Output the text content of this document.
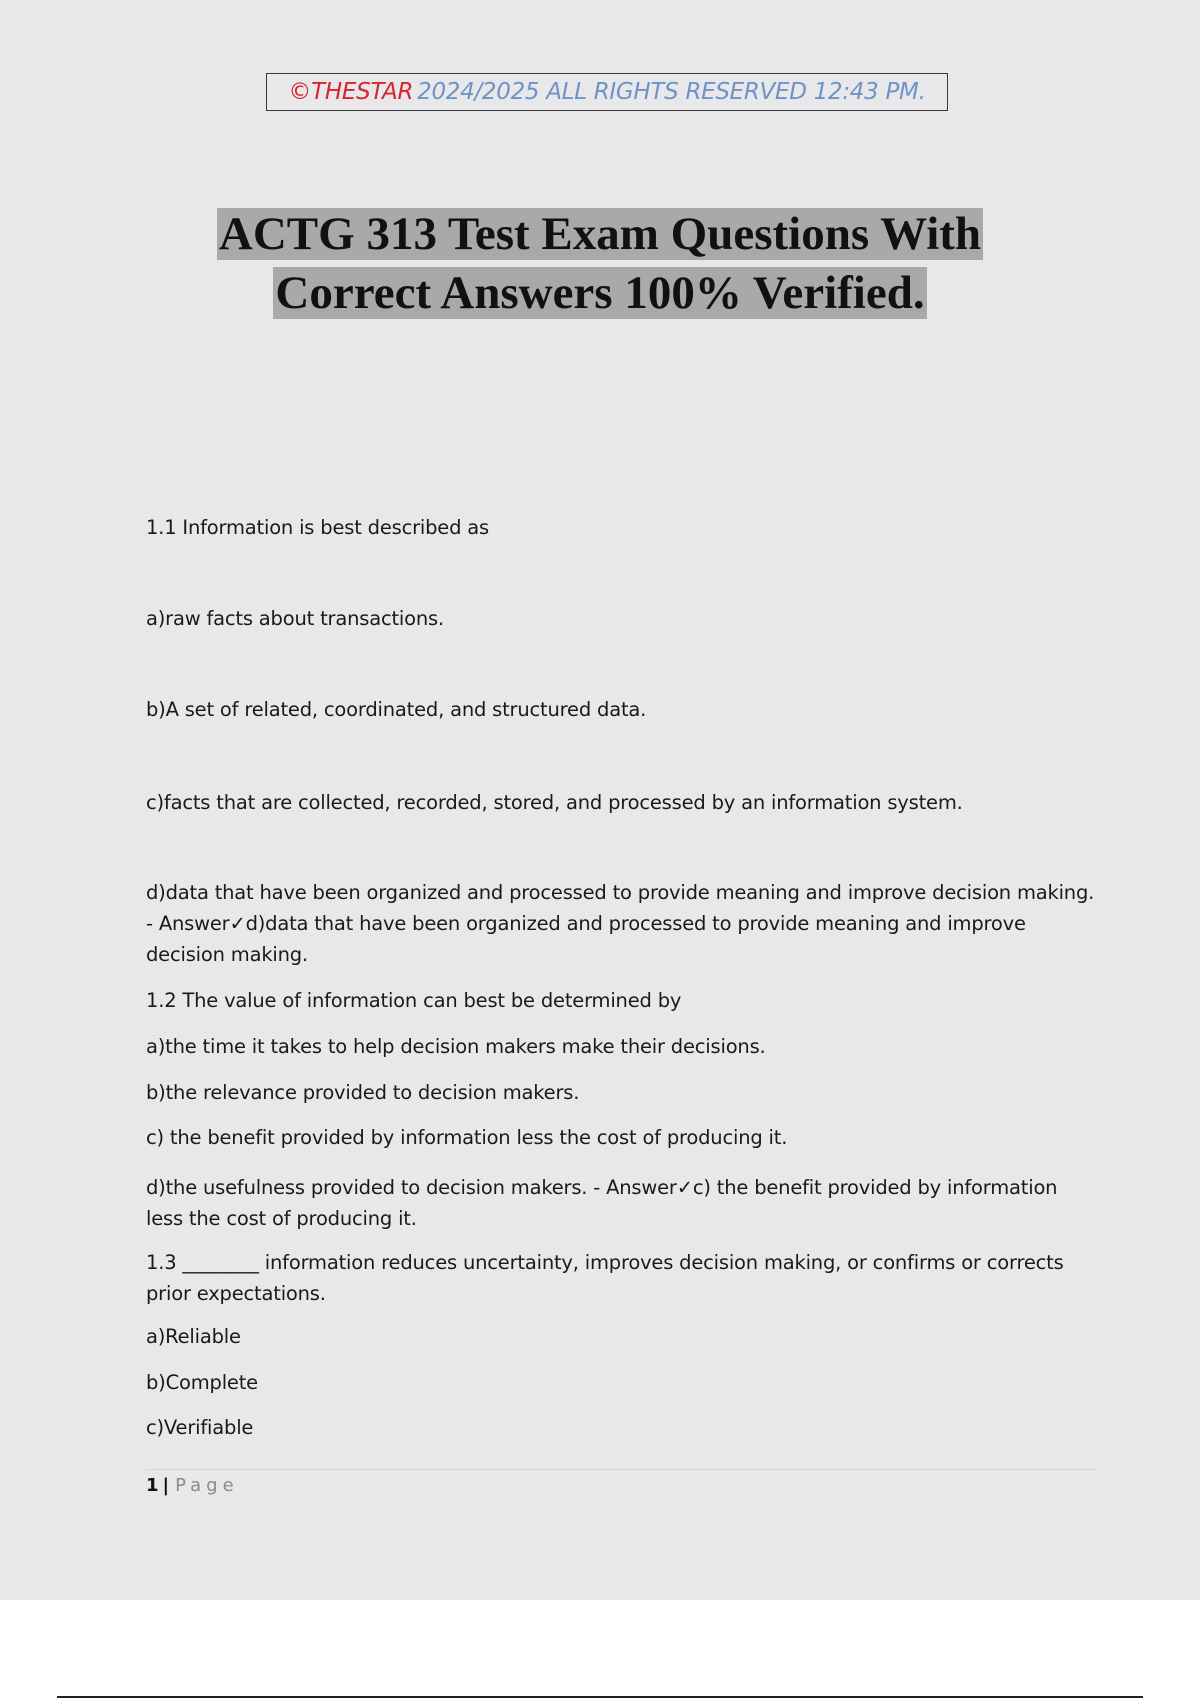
©THESTAR 2024/2025 ALL RIGHTS RESERVED 12:43 PM.
ACTG 313 Test Exam Questions With
Correct Answers 100% Verified.
1.1 Information is best described as
a)raw facts about transactions.
b)A set of related, coordinated, and structured data.
c)facts that are collected, recorded, stored, and processed by an information system.
d)data that have been organized and processed to provide meaning and improve decision making. - Answer✓d)data that have been organized and processed to provide meaning and improve decision making.
1.2 The value of information can best be determined by
a)the time it takes to help decision makers make their decisions.
b)the relevance provided to decision makers.
c) the benefit provided by information less the cost of producing it.
d)the usefulness provided to decision makers. - Answer✓c) the benefit provided by information less the cost of producing it.
1.3 ________ information reduces uncertainty, improves decision making, or confirms or corrects prior expectations.
a)Reliable
b)Complete
c)Verifiable
1 | Page
